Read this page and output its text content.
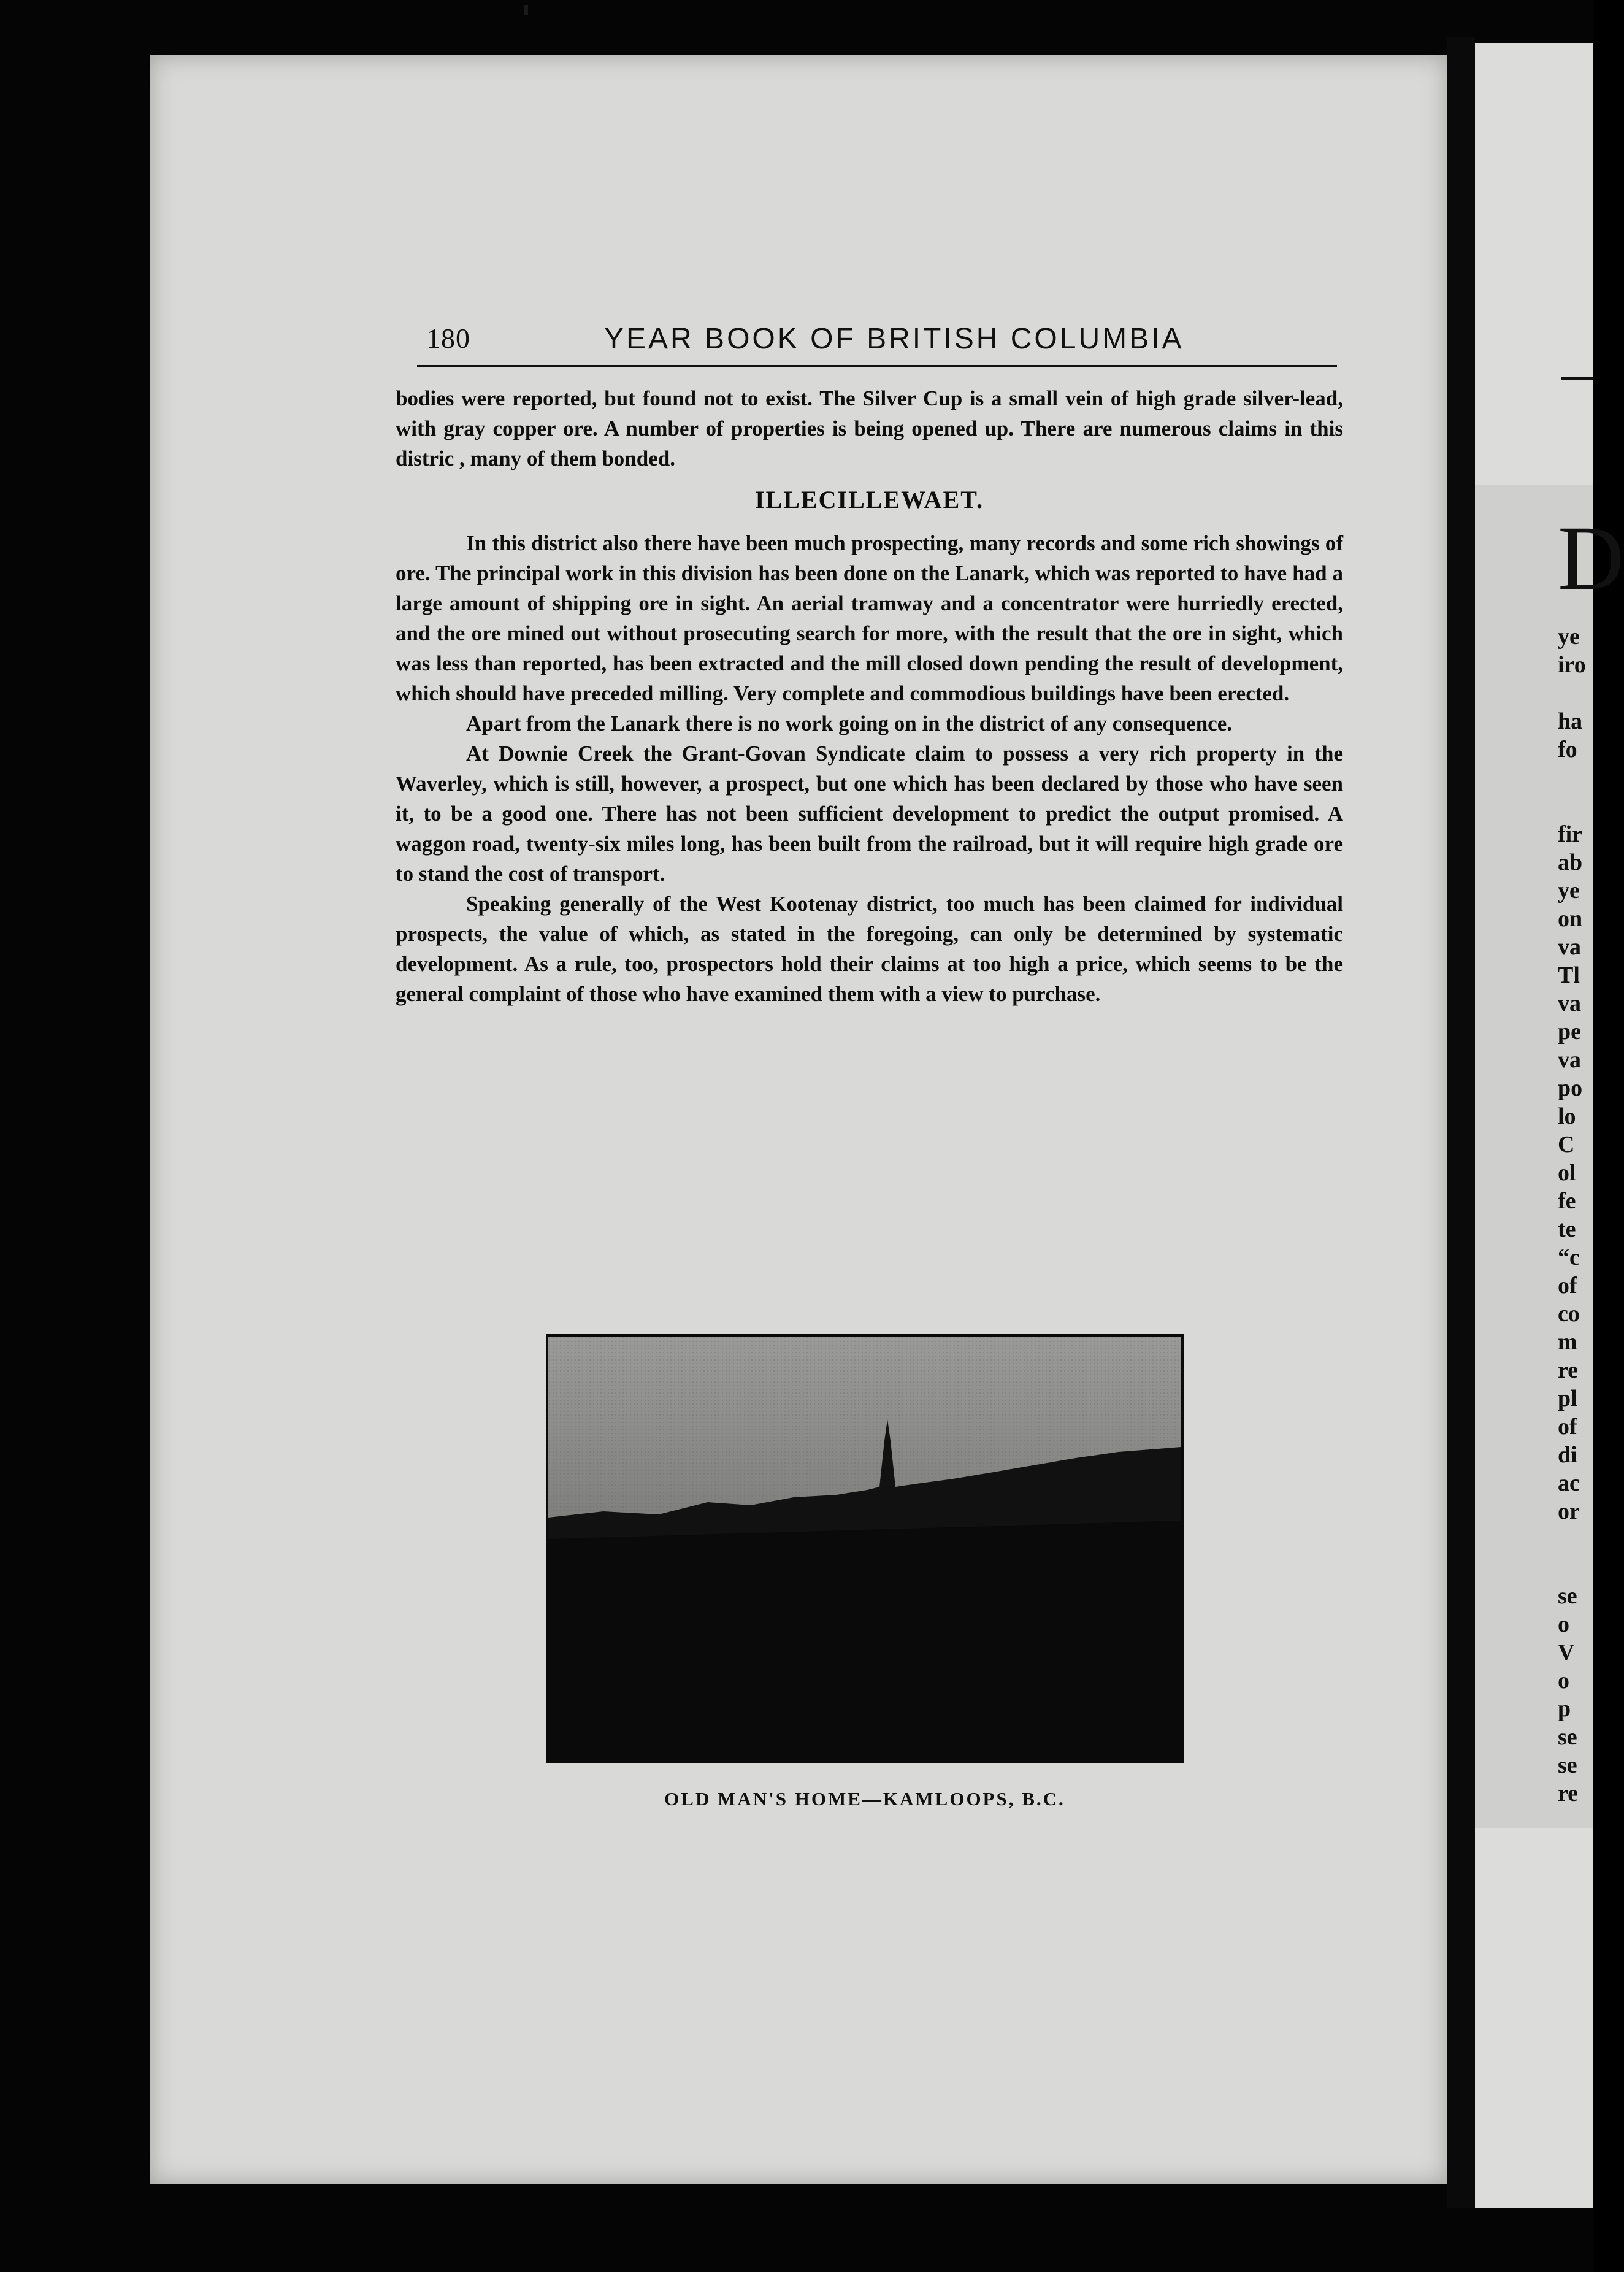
D
ye
iro
ha
fo
fir
ab
ye
on
va
Tl
va
pe
va
po
lo
C
ol
fe
te
“c
of
co
m
re
pl
of
di
ac
or
se
o
V
o
p
se
se
re
180	YEAR BOOK OF BRITISH COLUMBIA

bodies were reported, but found not to exist. The Silver Cup is a small vein of high grade silver-lead, with gray copper ore. A number of properties is being opened up. There are numerous claims in this distric , many of them bonded.

ILLECILLEWAET.

In this district also there have been much prospecting, many records and some rich showings of ore. The principal work in this division has been done on the Lanark, which was reported to have had a large amount of shipping ore in sight. An aerial tramway and a concentrator were hurriedly erected, and the ore mined out without prosecuting search for more, with the result that the ore in sight, which was less than reported, has been extracted and the mill closed down pending the result of development, which should have preceded milling. Very complete and commodious buildings have been erected.

Apart from the Lanark there is no work going on in the district of any consequence.

At Downie Creek the Grant-Govan Syndicate claim to possess a very rich property in the Waverley, which is still, however, a prospect, but one which has been declared by those who have seen it, to be a good one. There has not been sufficient development to predict the output promised. A waggon road, twenty-six miles long, has been built from the railroad, but it will require high grade ore to stand the cost of transport.

Speaking generally of the West Kootenay district, too much has been claimed for individual prospects, the value of which, as stated in the foregoing, can only be determined by systematic development. As a rule, too, prospectors hold their claims at too high a price, which seems to be the general complaint of those who have examined them with a view to purchase.

OLD MAN'S HOME—KAMLOOPS, B.C.
